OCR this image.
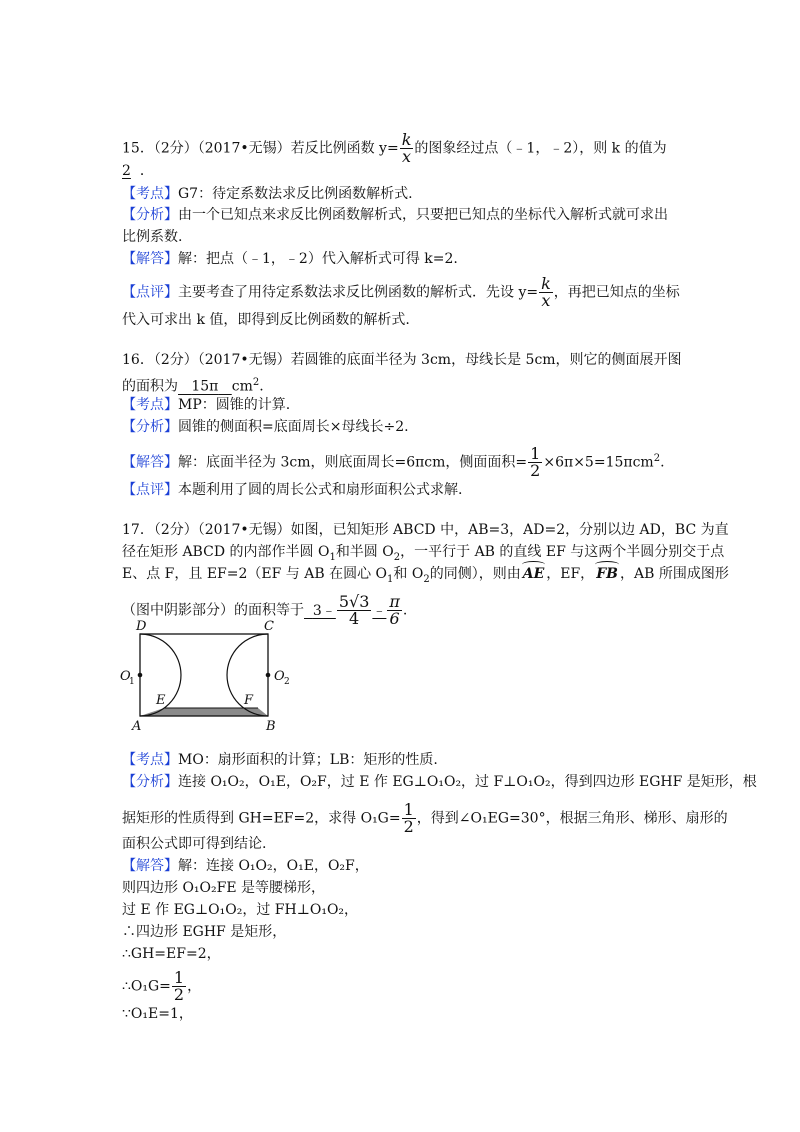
15．（2分）（2017•无锡）若反比例函数 $y= \frac{k}{x}$ 的图象经过点（﹣1，﹣2），则 k 的值为
2 ．
【考点】G7：待定系数法求反比例函数解析式.
【分析】由一个已知点来求反比例函数解析式，只要把已知点的坐标代入解析式就可求出
比例系数.
【解答】解：把点（﹣1，﹣2）代入解析式可得 k=2.
【点评】主要考查了用待定系数法求反比例函数的解析式．先设 $y= \frac{k}{x}$ ，再把已知点的坐标
代入可求出 k 值，即得到反比例函数的解析式.
16．（2分）（2017•无锡）若圆锥的底面半径为 3cm，母线长是 5cm，则它的侧面展开图
的面积为 15π $cm^2$.
【考点】MP：圆锥的计算.
【分析】圆锥的侧面积=底面周长×母线长÷2.
【解答】解：底面半径为 3cm，则底面周长=6πcm，侧面面积= $\frac{1}{2} \times 6\pi\times 5=15\pi cm^2$.
【点评】本题利用了圆的周长公式和扇形面积公式求解.
17．（2分）（2017•无锡）如图，已知矩形 ABCD 中，AB=3，AD=2，分别以边 AD，BC 为直
径在矩形 ABCD 的内部作半圆 $O_1$和半圆 $O_2$，一平行于 AB 的直线 EF 与这两个半圆分别交于点
E、点 F，且 EF=2（EF 与 AB 在圆心 $O_1$和 $O_2$的同侧），则由 AE ，EF， FB ，AB 所围成图形
（图中阴影部分）的面积等于 3﹣ $\frac{5√3}{4}$ ﹣ $\frac{\pi}{6}$ .
D	C
O
1	O 2
E	F
A	B
【考点】MO：扇形面积的计算；LB：矩形的性质.
【分析】连接 O₁O₂，O₁E，O₂F，过 E 作 EG⊥O₁O₂，过 F⊥O₁O₂，得到四边形 EGHF 是矩形，根
据矩形的性质得到 GH=EF=2，求得 $O_1G= \frac{1}{2}$ ，得到∠O₁EG=30°，根据三角形、梯形、扇形的
面积公式即可得到结论.
【解答】解：连接 O₁O₂，O₁E，O₂F，
则四边形 O₁O₂FE 是等腰梯形，
过 E 作 EG⊥O₁O₂，过 FH⊥O₁O₂，
∴四边形 EGHF 是矩形，
∴GH=EF=2，
∴O₁G= $\frac{1}{2}$ ，
∵O₁E=1，
